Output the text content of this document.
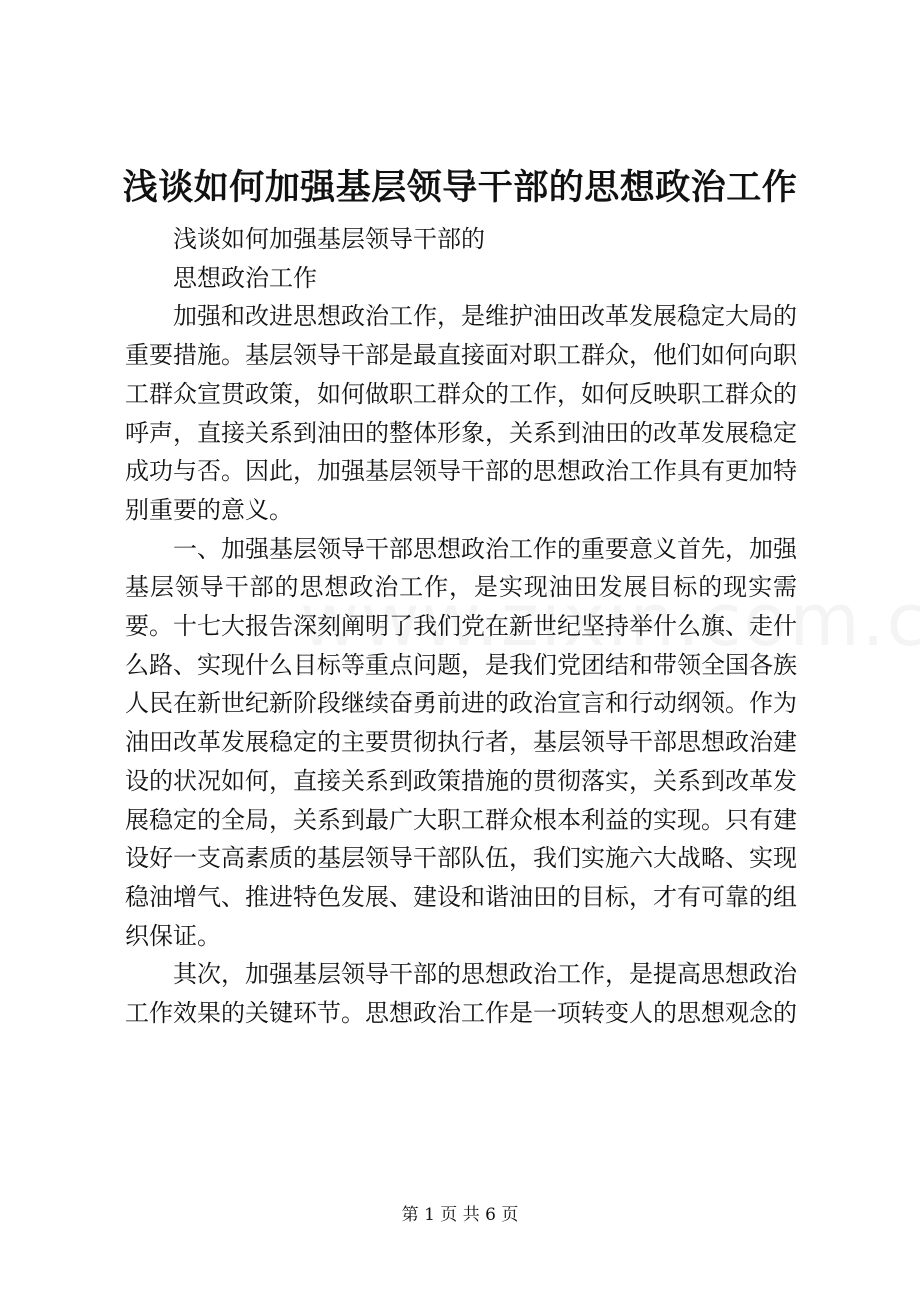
浅谈如何加强基层领导干部的思想政治工作

浅谈如何加强基层领导干部的

思想政治工作

加强和改进思想政治工作，是维护油田改革发展稳定大局的重要措施。基层领导干部是最直接面对职工群众，他们如何向职工群众宣贯政策，如何做职工群众的工作，如何反映职工群众的呼声，直接关系到油田的整体形象，关系到油田的改革发展稳定成功与否。因此，加强基层领导干部的思想政治工作具有更加特别重要的意义。

一、加强基层领导干部思想政治工作的重要意义首先，加强基层领导干部的思想政治工作，是实现油田发展目标的现实需要。十七大报告深刻阐明了我们党在新世纪坚持举什么旗、走什么路、实现什么目标等重点问题，是我们党团结和带领全国各族人民在新世纪新阶段继续奋勇前进的政治宣言和行动纲领。作为油田改革发展稳定的主要贯彻执行者，基层领导干部思想政治建设的状况如何，直接关系到政策措施的贯彻落实，关系到改革发展稳定的全局，关系到最广大职工群众根本利益的实现。只有建设好一支高素质的基层领导干部队伍，我们实施六大战略、实现稳油增气、推进特色发展、建设和谐油田的目标，才有可靠的组织保证。

其次，加强基层领导干部的思想政治工作，是提高思想政治工作效果的关键环节。思想政治工作是一项转变人的思想观念的

第 1 页 共 6 页
